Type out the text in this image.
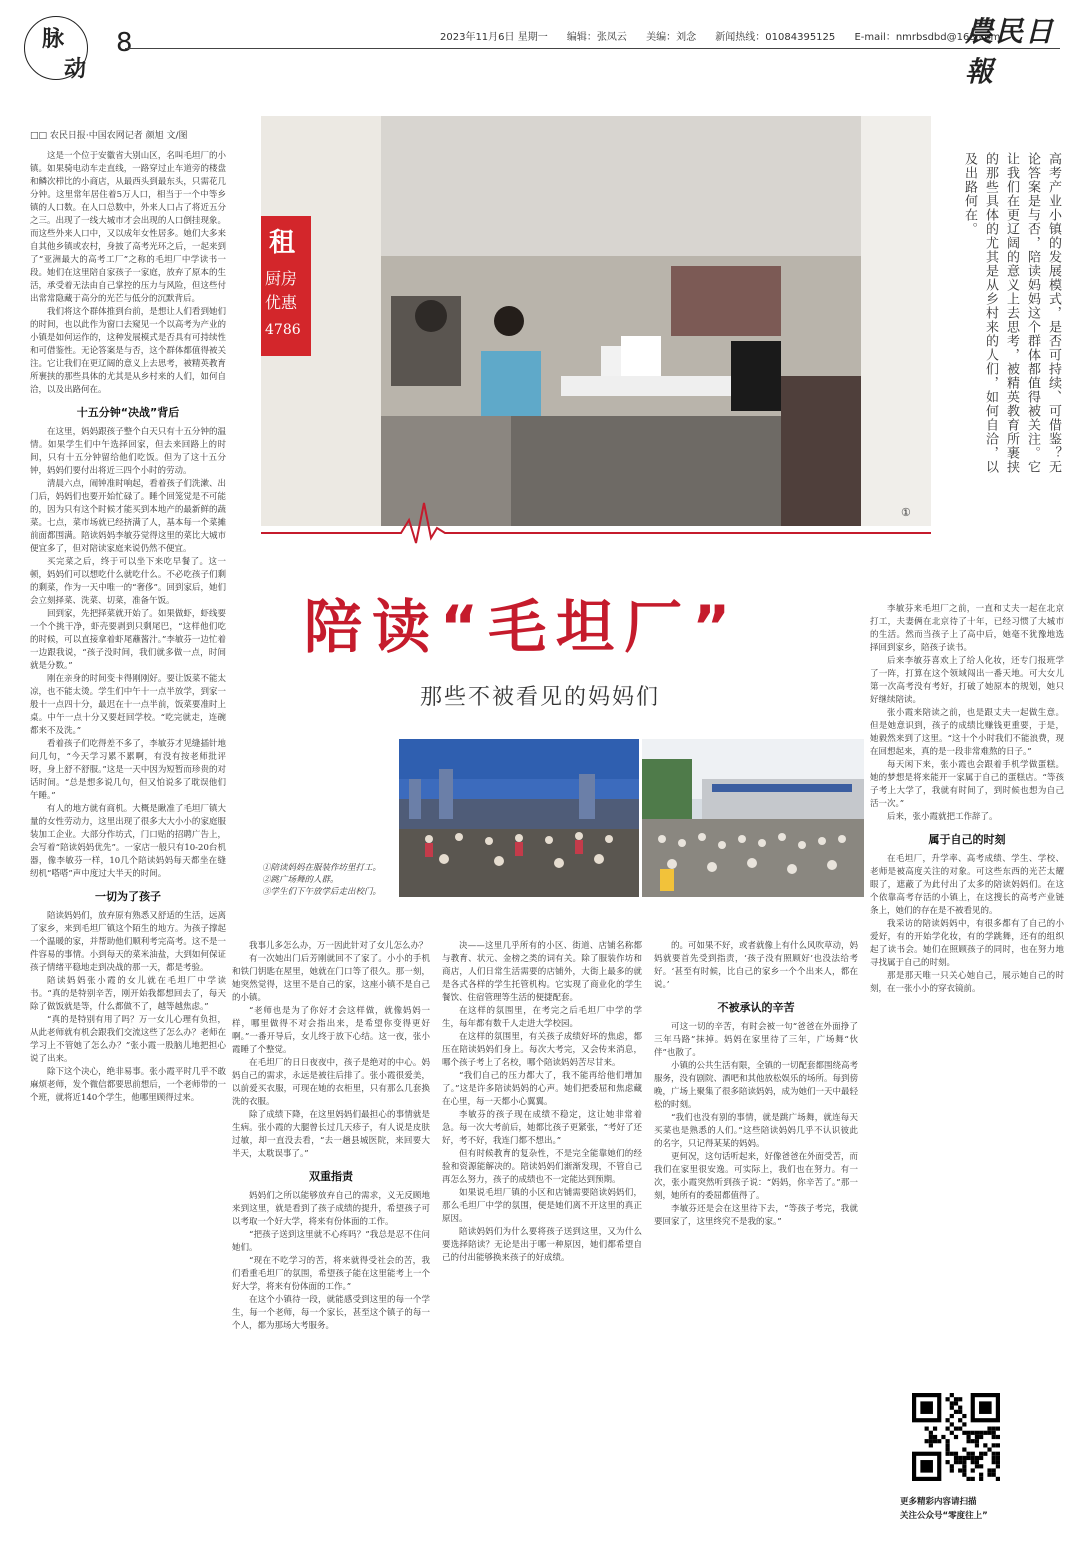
脉
动
8	2023年11月6日 星期一 编辑：张凤云 美编：刘念 新闻热线：01084395125 E-mail：nmrbsdbd@163.com
農民日報
□□ 农民日报·中国农网记者 颜旭 文/图

这是一个位于安徽省大别山区，名叫毛坦厂的小镇。如果骑电动车走直线，一路穿过止车道旁的楼盘和鳞次栉比的小商店，从最西头到最东头，只需花几分钟。这里常年居住着5万人口，相当于一个中等乡镇的人口数。在人口总数中，外来人口占了将近五分之三。出现了一线大城市才会出现的人口倒挂现象。而这些外来人口中，又以成年女性居多。她们大多来自其他乡镇或农村，身披了高考光环之后，一起来到了“亚洲最大的高考工厂”之称的毛坦厂中学读书一段。她们在这里陪自家孩子一家庭，放弃了原本的生活，承受着无法由自己掌控的压力与风险，但这些付出常常隐藏于高分的光芒与低分的沉默背后。

我们将这个群体推到台前，是想让人们看到她们的时间，也以此作为窗口去窥见一个以高考为产业的小镇是如何运作的，这种发展模式是否具有可持续性和可借鉴性。无论答案是与否，这个群体都值得被关注。它让我们在更辽阔的意义上去思考，被精英教育所裹挟的那些具体的尤其是从乡村来的人们，如何自洽，以及出路何在。

十五分钟“决战”背后

在这里，妈妈跟孩子整个白天只有十五分钟的温情。如果学生们中午选择回家，但去来回路上的时间，只有十五分钟留给他们吃饭。但为了这十五分钟，妈妈们要付出将近三四个小时的劳动。

清晨六点，闹钟准时响起，看着孩子们洗漱、出门后，妈妈们也要开始忙碌了。睡个回笼觉是不可能的，因为只有这个时候才能买到本地产的最新鲜的蔬菜。七点，菜市场就已经挤满了人，基本每一个菜摊前面都围满。陪读妈妈李敏芬觉得这里的菜比大城市便宜多了，但对陪读家庭来说仍然不便宜。

买完菜之后，终于可以坐下来吃早餐了。这一顿，妈妈们可以想吃什么就吃什么。不必吃孩子们剩的剩菜，作为一天中唯一的“奢侈”。回到家后，她们会立刻择菜、洗菜、切菜，准备午饭。

回到家，先把择菜就开始了。如果做虾，虾线要一个个挑干净，虾壳要剥到只剩尾巴，“这样他们吃的时候，可以直接拿着虾尾蘸酱汁。”李敏芬一边忙着一边跟我说，“孩子没时间，我们就多做一点，时间就是分数。”

刚在亲身的时间变卡得刚刚好。要让饭菜不能太凉，也不能太烫。学生们中午十一点半放学，到家一般十一点四十分，最迟在十一点半前，饭菜要准时上桌。中午一点十分又要赶回学校。“吃完就走，连碗都来不及洗。”

看着孩子们吃得差不多了，李敏芬才见缝插针地问几句，“今天学习累不累啊，有没有按老师批评呀，身上舒不舒服。”这是一天中因为短暂而珍贵的对话时间。“总是想多说几句，但又怕说多了耽误他们午睡。”

有人的地方就有商机。大概是瞅准了毛坦厂镇大量的女性劳动力，这里出现了很多大大小小的家庭服装加工企业。大部分作坊式，门口贴的招聘广告上，会写着“陪读妈妈优先”。一家店一般只有10-20台机器，像李敏芬一样，10几个陪读妈妈每天都坐在缝纫机“嗒嗒”声中度过大半天的时间。

一切为了孩子

陪读妈妈们，放弃原有熟悉又舒适的生活，远离了家乡，来到毛坦厂镇这个陌生的地方。为孩子撑起一个温暖的家，并帮助他们顺利考完高考。这不是一件容易的事情。小到每天的菜米油盐，大到如何保证孩子情绪平稳地走到决战的那一天，都是考验。

陪读妈妈张小霞的女儿就在毛坦厂中学读书。“真的是特别辛苦，刚开始我都想回去了，每天除了做饭就是等，什么都做不了，越等越焦虑。”

“真的是特别有用了吗？万一女儿心理有负担，从此老师就有机会跟我们交流这些了怎么办？老师在学习上不管她了怎么办？”张小霞一股脑儿地把担心说了出来。

除下这个决心，绝非易事。张小霞平时几乎不敢麻烦老师，发个微信都要思前想后，一个老师带的一个班，就将近140个学生，他哪里顾得过来。

租
厨房
优惠
4786
①
高考产业小镇的发展模式，是否可持续、可借鉴？无论答案是与否，陪读妈妈这个群体都值得被关注。它让我们在更辽阔的意义上去思考，被精英教育所裹挟的那些具体的尤其是从乡村来的人们，如何自洽，以及出路何在。
陪读“毛坦厂”
那些不被看见的妈妈们
①陪读妈妈在服装作坊里打工。
②跳广场舞的人群。
③学生们下午放学后走出校门。

我事儿多怎么办，万一因此针对了女儿怎么办？

有一次她出门后芳刚就回不了家了。小小的手机和铁门钥匙在屋里，她就在门口等了很久。那一刻，她突然觉得，这里不是自己的家，这座小镇不是自己的小镇。

“老师也是为了你好才会这样做，就像妈妈一样，哪里做得不对会指出来，是希望你变得更好啊。”一番开导后，女儿终于放下心结。这一夜，张小霞睡了个整觉。

在毛坦厂的日日夜夜中，孩子是绝对的中心。妈妈自己的需求，永远是被往后排了。张小霞很爱美，以前爱买衣服，可现在她的衣柜里，只有那么几套换洗的衣服。

除了成绩下降，在这里妈妈们最担心的事情就是生病。张小霞的大腿曾长过几天疹子，有人说是皮肤过敏，却一直没去看，“去一趟县城医院，来回要大半天，太耽误事了。”

双重指责

妈妈们之所以能够放弃自己的需求，义无反顾地来到这里，就是看到了孩子成绩的提升，希望孩子可以考取一个好大学，将来有份体面的工作。

“把孩子送到这里就不心疼吗？”我总是忍不住问她们。

“现在不吃学习的苦，将来就得受社会的苦，我们看重毛坦厂的氛围，希望孩子能在这里能考上一个好大学，将来有份体面的工作。”

在这个小镇待一段，就能感受到这里的每一个学生，每一个老师，每一个家长，甚至这个镇子的每一个人，都为那场大考服务。

决——这里几乎所有的小区、街道、店铺名称都与教育、状元、金榜之类的词有关。除了服装作坊和商店，人们日常生活需要的店铺外，大街上最多的就是各式各样的学生托管机构。它实现了商业化的学生餐饮、住宿管理等生活的便捷配套。

在这样的氛围里，在考完之后毛坦厂中学的学生，每年都有数千人走进大学校园。

在这样的氛围里，有关孩子成绩好坏的焦虑，都压在陪读妈妈们身上。每次大考完，又会传来消息，哪个孩子考上了名校，哪个陪读妈妈苦尽甘来。

“我们自己的压力都大了，我不能再给他们增加了。”这是许多陪读妈妈的心声。她们把委屈和焦虑藏在心里，每一天都小心翼翼。

李敏芬的孩子现在成绩不稳定，这让她非常着急。每一次大考前后，她都比孩子更紧张，“考好了还好，考不好，我连门都不想出。”

但有时候教育的复杂性，不是完全能靠她们的经验和资源能解决的。陪读妈妈们渐渐发现，不管自己再怎么努力，孩子的成绩也不一定能达到预期。

如果说毛坦厂镇的小区和店铺需要陪读妈妈们，那么毛坦厂中学的氛围，便是她们离不开这里的真正原因。

陪读妈妈们为什么要将孩子送到这里，又为什么要选择陪读？无论是出于哪一种原因，她们都希望自己的付出能够换来孩子的好成绩。

的。可如果不好，或者就像上有什么风吹草动，妈妈就要首先受到指责，‘孩子没有照顾好’也没法给考好。‘甚至有时候，比自己的家乡一个个出来人，都在说。’

不被承认的辛苦

可这一切的辛苦，有时会被一句“爸爸在外面挣了三年马路”抹掉。妈妈在家里待了三年，广场舞“伙伴”也散了。

小镇的公共生活有限，全镇的一切配套都围绕高考服务，没有剧院、酒吧和其他放松娱乐的场所。每到傍晚，广场上聚集了很多陪读妈妈，成为她们一天中最轻松的时刻。

“我们也没有别的事情，就是跳广场舞，就连每天买菜也是熟悉的人们。”这些陪读妈妈几乎不认识彼此的名字，只记得某某的妈妈。

更何况，这句话听起来，好像爸爸在外面受苦，而我们在家里很安逸。可实际上，我们也在努力。有一次，张小霞突然听到孩子说：“妈妈，你辛苦了。”那一刻，她所有的委屈都值得了。

李敏芬还是会在这里待下去，“等孩子考完，我就要回家了，这里终究不是我的家。”

李敏芬来毛坦厂之前，一直和丈夫一起在北京打工，夫妻俩在北京待了十年，已经习惯了大城市的生活。然而当孩子上了高中后，她毫不犹豫地选择回到家乡，陪孩子读书。

后来李敏芬喜欢上了给人化妆，还专门报班学了一阵，打算在这个领域闯出一番天地。可大女儿第一次高考没有考好，打破了她原本的规划，她只好继续陪读。

张小霞来陪读之前，也是跟丈夫一起做生意。但是她意识到，孩子的成绩比赚钱更重要，于是，她毅然来到了这里。“这十个小时我们不能浪费，现在回想起来，真的是一段非常难熬的日子。”

每天闲下来，张小霞也会跟着手机学做蛋糕。她的梦想是将来能开一家属于自己的蛋糕店。“等孩子考上大学了，我就有时间了，到时候也想为自己活一次。”

后来，张小霞就把工作辞了。

属于自己的时刻

在毛坦厂，升学率、高考成绩、学生、学校、老师是被高度关注的对象。可这些东西的光芒太耀眼了，遮蔽了为此付出了太多的陪读妈妈们。在这个依靠高考存活的小镇上，在这搜长的高考产业链条上，她们的存在是不被看见的。

我采访的陪读妈妈中，有很多都有了自己的小爱好，有的开始学化妆，有的学跳舞，还有的组织起了读书会。她们在照顾孩子的同时，也在努力地寻找属于自己的时刻。

那是那天唯一只关心她自己，展示她自己的时刻，在一张小小的穿衣镜前。

更多精彩内容请扫描
关注公众号“零度往上”
